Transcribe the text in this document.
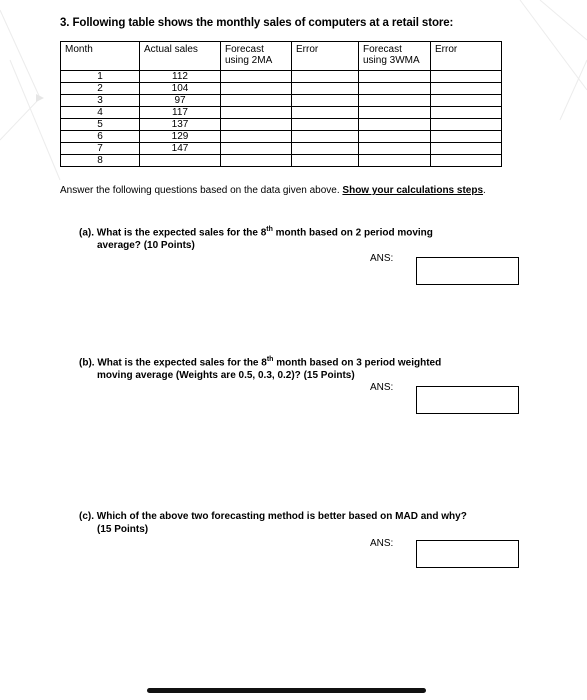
3. Following table shows the monthly sales of computers at a retail store:
Month	Actual sales	Forecast using 2MA	Error	Forecast using 3WMA	Error
1	112				
2	104				
3	97				
4	117				
5	137				
6	129				
7	147				
8					
Answer the following questions based on the data given above. Show your calculations steps.
(a). What is the expected sales for the 8th month based on 2 period moving
average? (10 Points)
ANS:
(b). What is the expected sales for the 8th month based on 3 period weighted
moving average (Weights are 0.5, 0.3, 0.2)? (15 Points)
ANS:
(c). Which of the above two forecasting method is better based on MAD and why?
(15 Points)
ANS:
